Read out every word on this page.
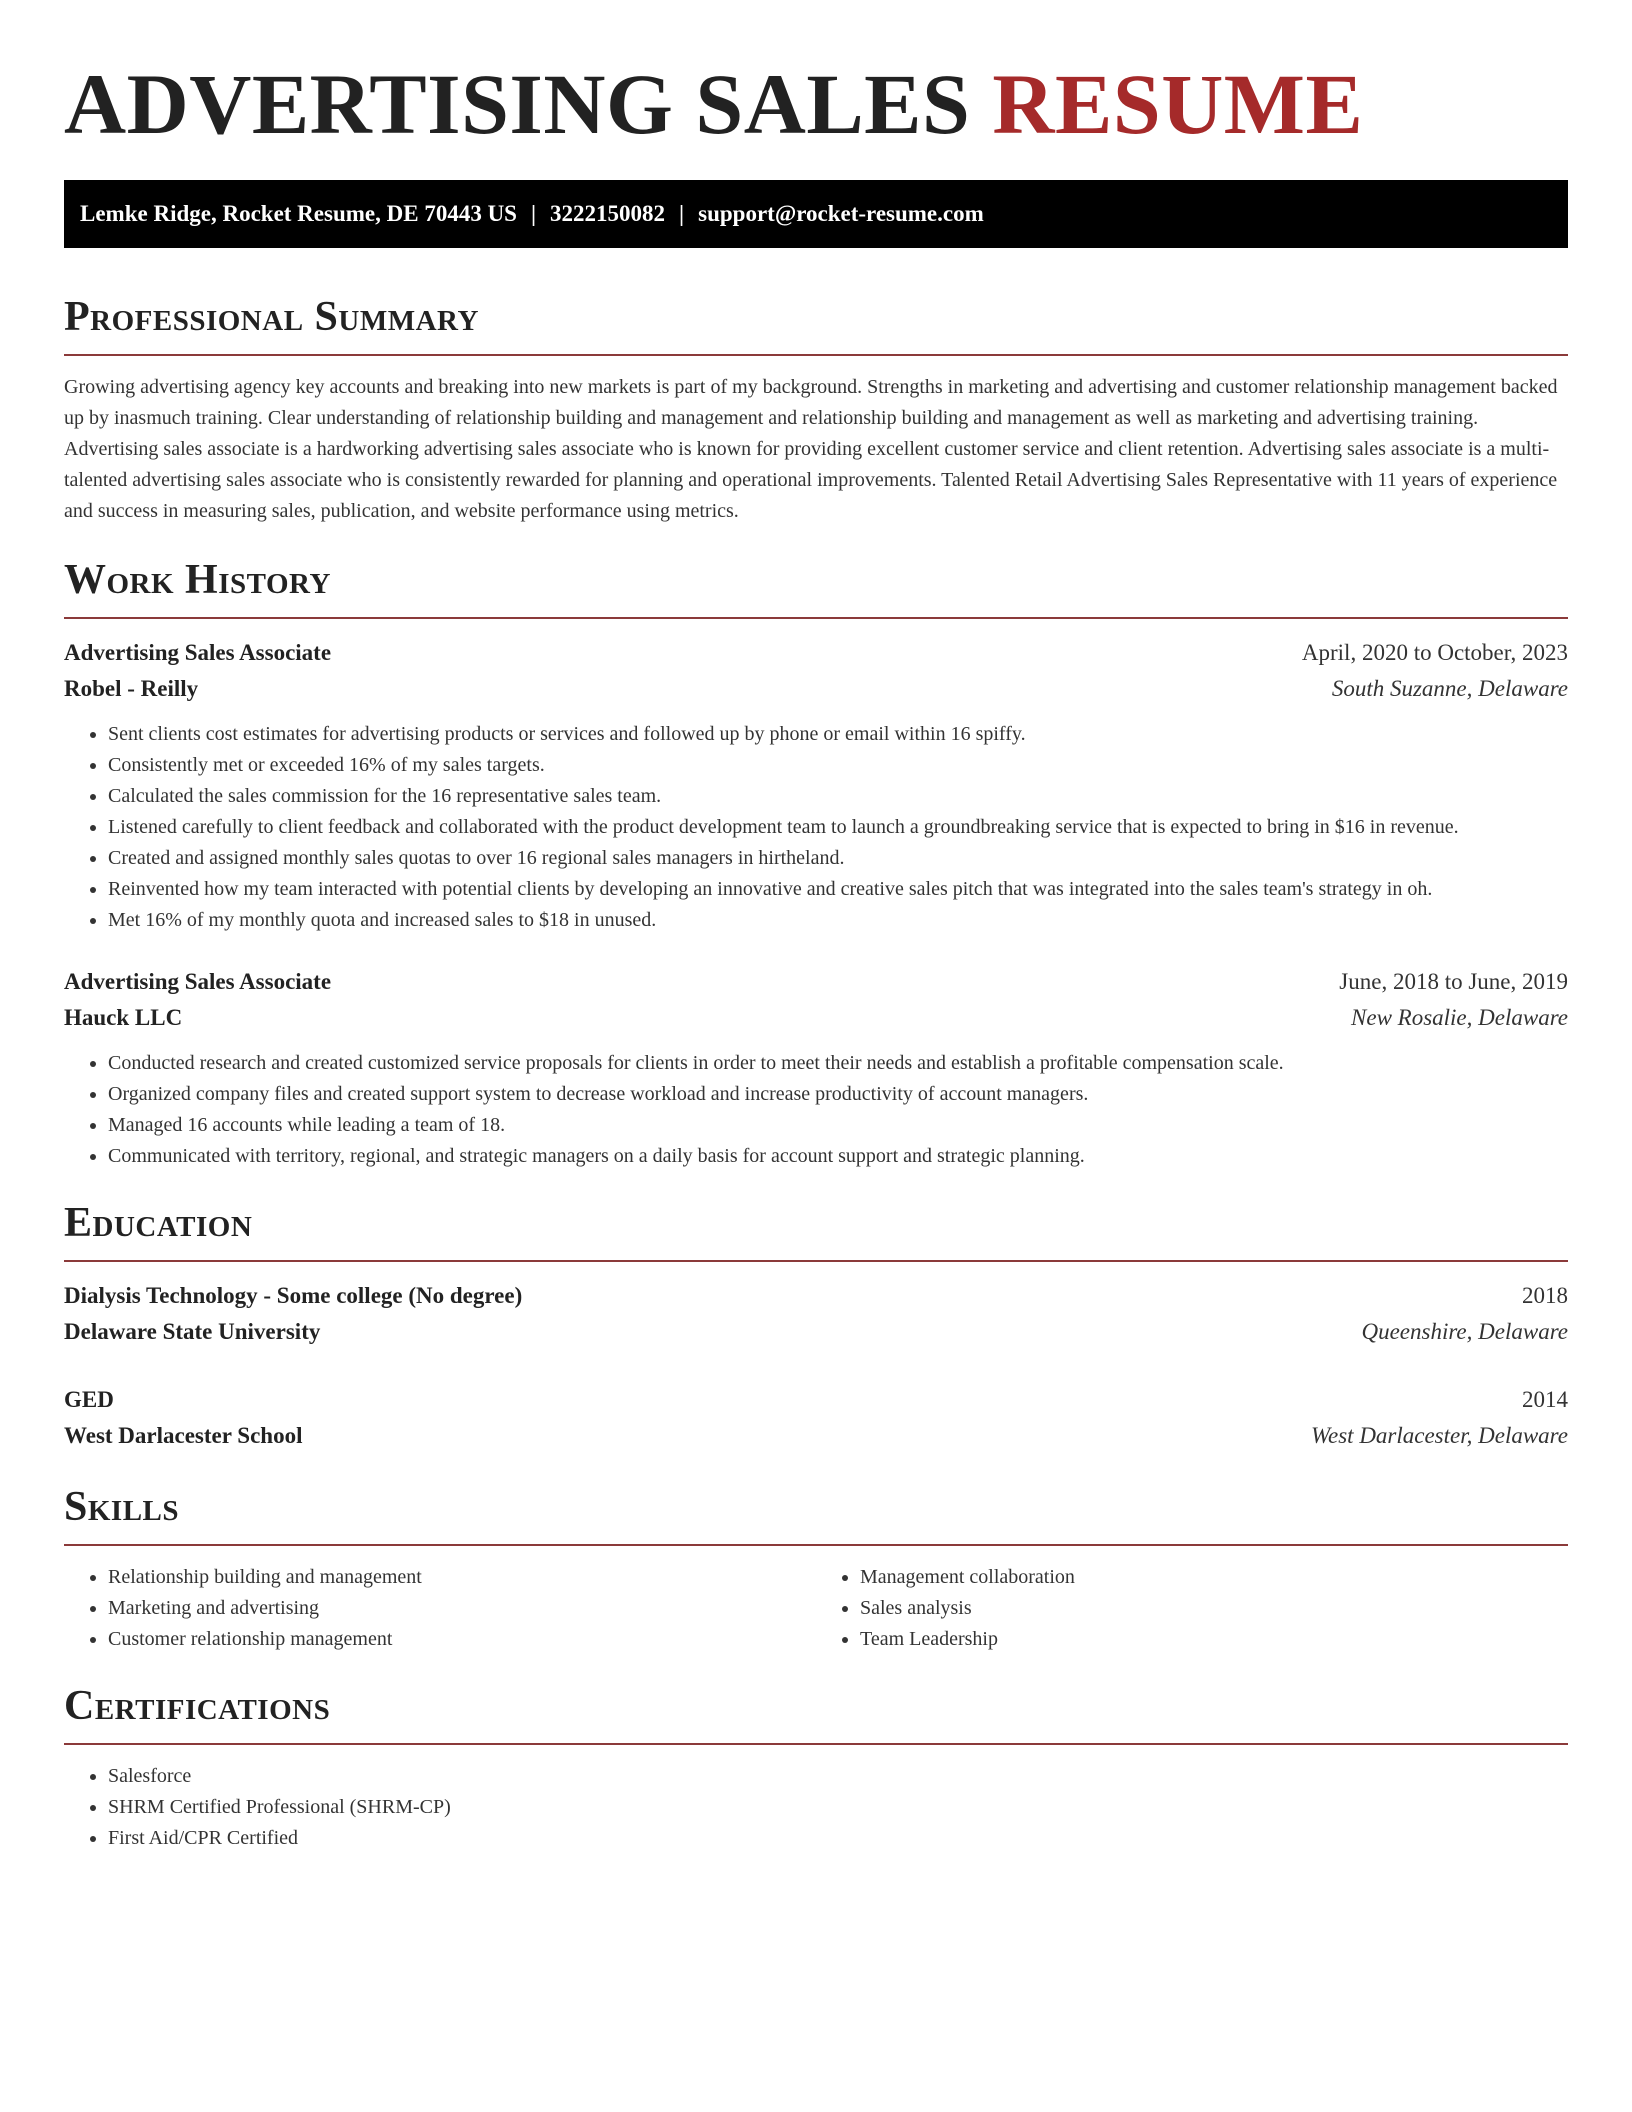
ADVERTISING SALES RESUME
Lemke Ridge, Rocket Resume, DE 70443 US | 3222150082 | support@rocket-resume.com
Professional Summary

Growing advertising agency key accounts and breaking into new markets is part of my background. Strengths in marketing and advertising and customer relationship management backed up by inasmuch training. Clear understanding of relationship building and management and relationship building and management as well as marketing and advertising training. Advertising sales associate is a hardworking advertising sales associate who is known for providing excellent customer service and client retention. Advertising sales associate is a multi-talented advertising sales associate who is consistently rewarded for planning and operational improvements. Talented Retail Advertising Sales Representative with 11 years of experience and success in measuring sales, publication, and website performance using metrics.

Work History
Advertising Sales Associate	April, 2020 to October, 2023
Robel - Reilly	South Suzanne, Delaware
• Sent clients cost estimates for advertising products or services and followed up by phone or email within 16 spiffy.
• Consistently met or exceeded 16% of my sales targets.
• Calculated the sales commission for the 16 representative sales team.
• Listened carefully to client feedback and collaborated with the product development team to launch a groundbreaking service that is expected to bring in $16 in revenue.
• Created and assigned monthly sales quotas to over 16 regional sales managers in hirtheland.
• Reinvented how my team interacted with potential clients by developing an innovative and creative sales pitch that was integrated into the sales team's strategy in oh.
• Met 16% of my monthly quota and increased sales to $18 in unused.
Advertising Sales Associate	June, 2018 to June, 2019
Hauck LLC	New Rosalie, Delaware
• Conducted research and created customized service proposals for clients in order to meet their needs and establish a profitable compensation scale.
• Organized company files and created support system to decrease workload and increase productivity of account managers.
• Managed 16 accounts while leading a team of 18.
• Communicated with territory, regional, and strategic managers on a daily basis for account support and strategic planning.
Education
Dialysis Technology - Some college (No degree)	2018
Delaware State University	Queenshire, Delaware
GED	2014
West Darlacester School	West Darlacester, Delaware
Skills
• Relationship building and management
• Marketing and advertising
• Customer relationship management
• Management collaboration
• Sales analysis
• Team Leadership
Certifications
• Salesforce
• SHRM Certified Professional (SHRM-CP)
• First Aid/CPR Certified
